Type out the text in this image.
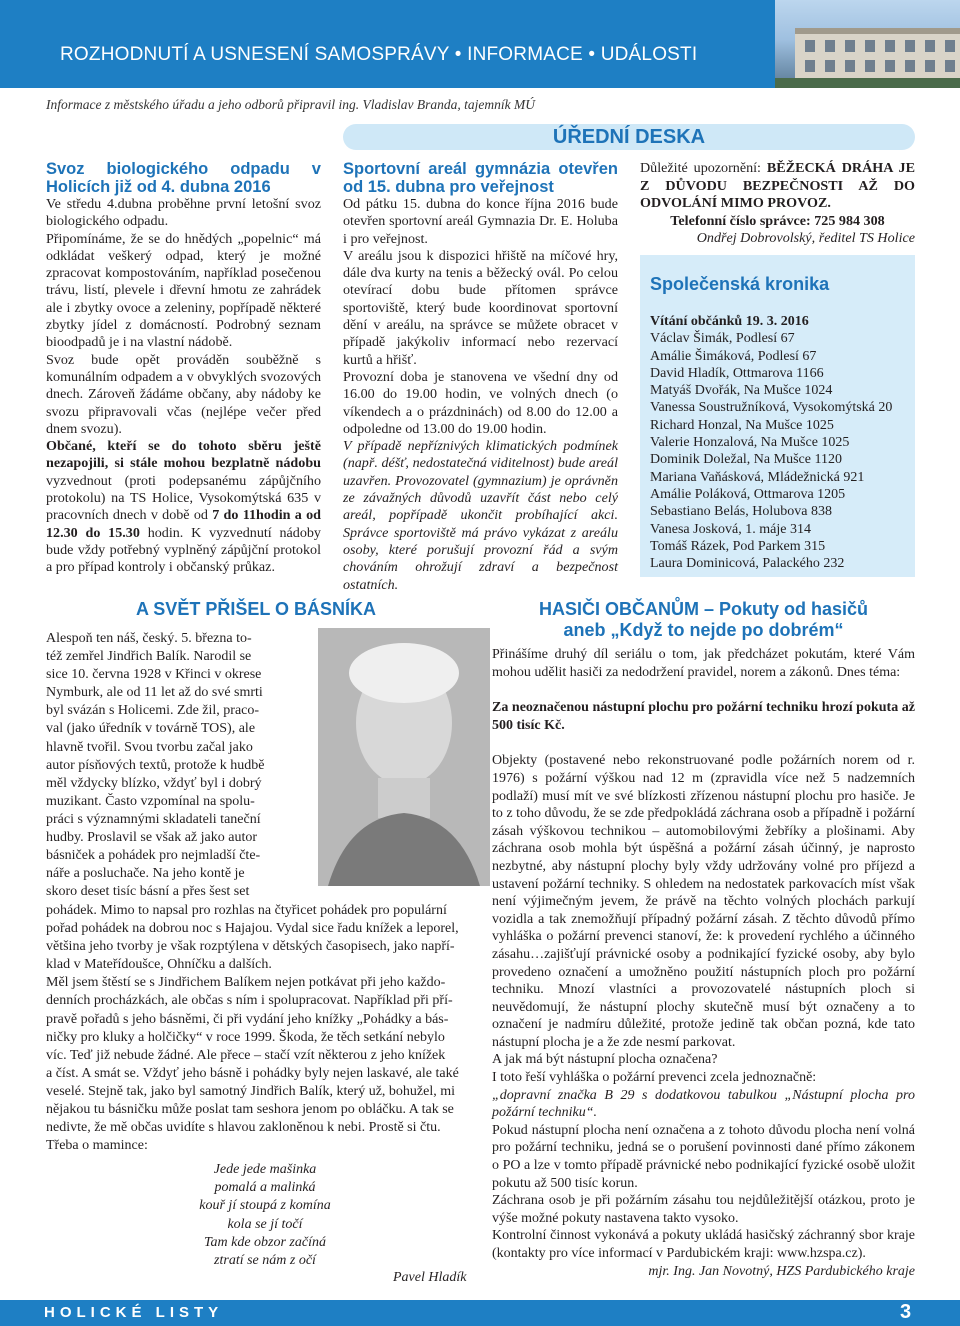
ROZHODNUTÍ A USNESENÍ SAMOSPRÁVY • INFORMACE • UDÁLOSTI
Informace z městského úřadu a jeho odborů připravil ing. Vladislav Branda, tajemník MÚ
ÚŘEDNÍ DESKA
Svoz biologického odpadu v Holicích již od 4. dubna 2016

Ve středu 4.dubna proběhne první letošní svoz biologického odpadu.

Připomínáme, že se do hnědých „popelnic“ má odkládat veškerý odpad, který je možné zpracovat kompostováním, například posečenou trávu, listí, plevele i dřevní hmotu ze zahrádek ale i zbytky ovoce a zeleniny, popřípadě některé zbytky jídel z domácností. Podrobný seznam bioodpadů je i na vlastní nádobě.

Svoz bude opět prováděn souběžně s komunálním odpadem a v obvyklých svozových dnech. Zároveň žádáme občany, aby nádoby ke svozu připravovali včas (nejlépe večer před dnem svozu).

Občané, kteří se do tohoto sběru ještě nezapojili, si stále mohou bezplatně nádobu vyzvednout (proti podepsanému zápůjčního protokolu) na TS Holice, Vysokomýtská 635 v pracovních dnech v době od 7 do 11hodin a od 12.30 do 15.30 hodin. K vyzvednutí nádoby bude vždy potřebný vyplněný zápůjční protokol a pro případ kontroly i občanský průkaz.

Sportovní areál gymnázia otevřen od 15. dubna pro veřejnost

Od pátku 15. dubna do konce října 2016 bude otevřen sportovní areál Gymnazia Dr. E. Holuba i pro veřejnost.

V areálu jsou k dispozici hřiště na míčové hry, dále dva kurty na tenis a běžecký ovál. Po celou otevírací dobu bude přítomen správce sportoviště, který bude koordinovat sportovní dění v areálu, na správce se můžete obracet v případě jakýkoliv informací nebo rezervací kurtů a hřišť.

Provozní doba je stanovena ve všední dny od 16.00 do 19.00 hodin, ve volných dnech (o víkendech a o prázdninách) od 8.00 do 12.00 a odpoledne od 13.00 do 19.00 hodin.

V případě nepříznivých klimatických podmínek (např. déšť, nedostatečná viditelnost) bude areál uzavřen. Provozovatel (gymnazium) je oprávněn ze závažných důvodů uzavřít část nebo celý areál, popřípadě ukončit probíhající akci. Správce sportoviště má právo vykázat z areálu osoby, které porušují provozní řád a svým chováním ohrožují zdraví a bezpečnost ostatních.

Důležité upozornění: BĚŽECKÁ DRÁHA JE Z DŮVODU BEZPEČNOSTI AŽ DO ODVOLÁNÍ MIMO PROVOZ.

Telefonní číslo správce: 725 984 308

Ondřej Dobrovolský, ředitel TS Holice

Společenská kronika
Vítání občánků 19. 3. 2016
Václav Šimák, Podlesí 67
Amálie Šimáková, Podlesí 67
David Hladík, Ottmarova 1166
Matyáš Dvořák, Na Mušce 1024
Vanessa Soustružníková, Vysokomýtská 20
Richard Honzal, Na Mušce 1025
Valerie Honzalová, Na Mušce 1025
Dominik Doležal, Na Mušce 1120
Mariana Vaňásková, Mládežnická 921
Amálie Poláková, Ottmarova 1205
Sebastiano Belás, Holubova 838
Vanesa Josková, 1. máje 314
Tomáš Rázek, Pod Parkem 315
Laura Dominicová, Palackého 232
A SVĚT PŘIŠEL O BÁSNÍKA
Alespoň ten náš, český. 5. března to-
též zemřel Jindřich Balík. Narodil se
sice 10. června 1928 v Křinci v okrese
Nymburk, ale od 11 let až do své smrti
byl svázán s Holicemi. Zde žil, praco-
val (jako úředník v továrně TOS), ale
hlavně tvořil. Svou tvorbu začal jako
autor písňových textů, protože k hudbě
měl vždycky blízko, vždyť byl i dobrý
muzikant. Často vzpomínal na spolu-
práci s významnými skladateli taneční
hudby. Proslavil se však až jako autor
básniček a pohádek pro nejmladší čte-
náře a posluchače. Na jeho kontě je
skoro deset tisíc básní a přes šest set
pohádek. Mimo to napsal pro rozhlas na čtyřicet pohádek pro populární
pořad pohádek na dobrou noc s Hajajou. Vydal sice řadu knížek a leporel,
většina jeho tvorby je však rozptýlena v dětských časopisech, jako napří-
klad v Mateřídoušce, Ohníčku a dalších.
Měl jsem štěstí se s Jindřichem Balíkem nejen potkávat při jeho každo-
denních procházkách, ale občas s ním i spolupracovat. Například při pří-
pravě pořadů s jeho básněmi, či při vydání jeho knížky „Pohádky a bás-
ničky pro kluky a holčičky“ v roce 1999. Škoda, že těch setkání nebylo
víc. Teď již nebude žádné. Ale přece – stačí vzít některou z jeho knížek
a číst. A smát se. Vždyť jeho básně i pohádky byly nejen laskavé, ale také
veselé. Stejně tak, jako byl samotný Jindřich Balík, který už, bohužel, mi
nějakou tu básničku může poslat tam seshora jenom po obláčku. A tak se
nedivte, že mě občas uvidíte s hlavou zakloněnou k nebi. Prostě si čtu.
Třeba o mamince:
Jede jede mašinka
pomalá a malinká
kouř jí stoupá z komína
kola se jí točí
Tam kde obzor začíná
ztratí se nám z očí
Pavel Hladík
HASIČI OBČANŮM – Pokuty od hasičů
aneb „Když to nejde po dobrém“

Přinášíme druhý díl seriálu o tom, jak předcházet pokutám, které Vám mohou udělit hasiči za nedodržení pravidel, norem a zákonů. Dnes téma:

Za neoznačenou nástupní plochu pro požární techniku hrozí pokuta až 500 tisíc Kč.

Objekty (postavené nebo rekonstruované podle požárních norem od r. 1976) s požární výškou nad 12 m (zpravidla více než 5 nadzemních podlaží) musí mít ve své blízkosti zřízenou nástupní plochu pro hasiče. Je to z toho důvodu, že se zde předpokládá záchrana osob a případně i požární zásah výškovou technikou – automobilovými žebříky a plošinami. Aby záchrana osob mohla být úspěšná a požární zásah účinný, je naprosto nezbytné, aby nástupní plochy byly vždy udržovány volné pro příjezd a ustavení požární techniky. S ohledem na nedostatek parkovacích míst však není výjimečným jevem, že právě na těchto volných plochách parkují vozidla a tak znemožňují případný požární zásah. Z těchto důvodů přímo vyhláška o požární prevenci stanoví, že: k provedení rychlého a účinného zásahu…zajišťují právnické osoby a podnikající fyzické osoby, aby bylo provedeno označení a umožněno použití nástupních ploch pro požární techniku. Mnozí vlastníci a provozovatelé nástupních ploch si neuvědomují, že nástupní plochy skutečně musí být označeny a to označení je nadmíru důležité, protože jedině tak občan pozná, kde tato nástupní plocha je a že zde nesmí parkovat.

A jak má být nástupní plocha označena?

I toto řeší vyhláška o požární prevenci zcela jednoznačně:

„dopravní značka B 29 s dodatkovou tabulkou „Nástupní plocha pro požární techniku“.

Pokud nástupní plocha není označena a z tohoto důvodu plocha není volná pro požární techniku, jedná se o porušení povinnosti dané přímo zákonem o PO a lze v tomto případě právnické nebo podnikající fyzické osobě uložit pokutu až 500 tisíc korun.

Záchrana osob je při požárním zásahu tou nejdůležitější otázkou, proto je výše možné pokuty nastavena takto vysoko.

Kontrolní činnost vykonává a pokuty ukládá hasičský záchranný sbor kraje (kontakty pro více informací v Pardubickém kraji: www.hzspa.cz).

mjr. Ing. Jan Novotný, HZS Pardubického kraje

HOLICKÉ LISTY	3
